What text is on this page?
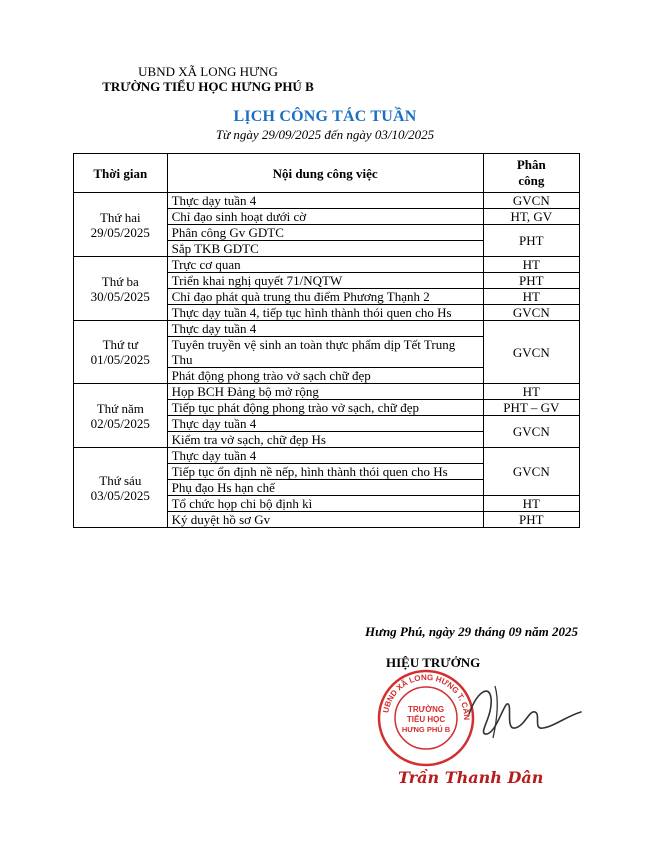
UBND XÃ LONG HƯNG
TRƯỜNG TIỂU HỌC HƯNG PHÚ B
LỊCH CÔNG TÁC TUẦN
Từ ngày 29/09/2025 đến ngày 03/10/2025
Thời gian	Nội dung công việc	Phân công

Thứ hai
29/05/2025	Thực dạy tuần 4	GVCN
	Chỉ đạo sinh hoạt dưới cờ	HT, GV
	Phân công Gv GDTC	PHT
	Sắp TKB GDTC	

Thứ ba
30/05/2025	Trực cơ quan	HT
	Triển khai nghị quyết 71/NQTW	PHT
	Chỉ đạo phát quà trung thu điểm Phương Thạnh 2	HT
	Thực dạy tuần 4, tiếp tục hình thành thói quen cho Hs	GVCN

Thứ tư
01/05/2025	Thực dạy tuần 4	GVCN
	Tuyên truyền vệ sinh an toàn thực phẩm dịp Tết Trung Thu	
	Phát động phong trào vở sạch chữ đẹp	

Thứ năm
02/05/2025	Họp BCH Đảng bộ mở rộng	HT
	Tiếp tục phát động phong trào vở sạch, chữ đẹp	PHT – GV
	Thực dạy tuần 4	GVCN
	Kiểm tra vở sạch, chữ đẹp Hs	

Thứ sáu
03/05/2025	Thực dạy tuần 4	GVCN
	Tiếp tục ổn định nề nếp, hình thành thói quen cho Hs	
	Phụ đạo Hs hạn chế	
	Tổ chức họp chi bộ định kì	HT
	Ký duyệt hồ sơ Gv	PHT
Hưng Phú, ngày 29 tháng 09 năm 2025
HIỆU TRƯỞNG
UBND XÃ LONG HƯNG T. CẦN
TRƯỜNG
TIỂU HỌC
HƯNG PHÚ B
Trần Thanh Dân
